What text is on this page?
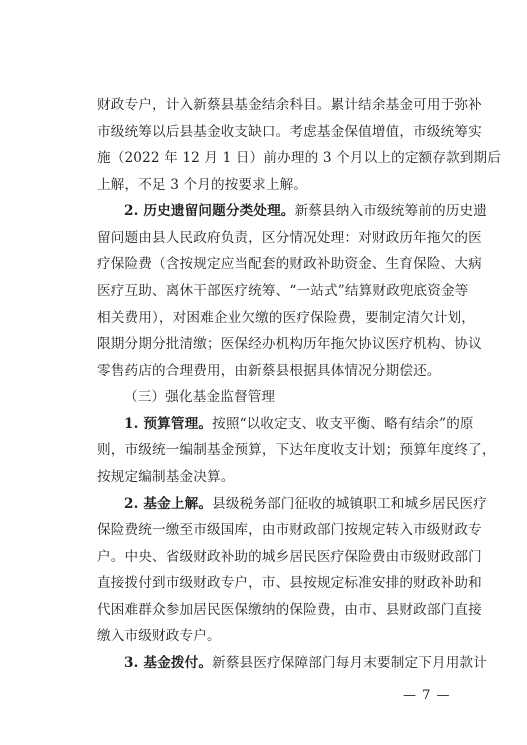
财政专户，计入新蔡县基金结余科目。累计结余基金可用于弥补
市级统筹以后县基金收支缺口。考虑基金保值增值，市级统筹实
施（2022 年 12 月 1 日）前办理的 3 个月以上的定额存款到期后
上解，不足 3 个月的按要求上解。
2. 历史遗留问题分类处理。新蔡县纳入市级统筹前的历史遗
留问题由县人民政府负责，区分情况处理：对财政历年拖欠的医
疗保险费（含按规定应当配套的财政补助资金、生育保险、大病
医疗互助、离休干部医疗统筹、“一站式”结算财政兜底资金等
相关费用），对困难企业欠缴的医疗保险费，要制定清欠计划，
限期分期分批清缴；医保经办机构历年拖欠协议医疗机构、协议
零售药店的合理费用，由新蔡县根据具体情况分期偿还。
（三）强化基金监督管理
1. 预算管理。按照“以收定支、收支平衡、略有结余”的原
则，市级统一编制基金预算，下达年度收支计划；预算年度终了，
按规定编制基金决算。
2. 基金上解。县级税务部门征收的城镇职工和城乡居民医疗
保险费统一缴至市级国库，由市财政部门按规定转入市级财政专
户。中央、省级财政补助的城乡居民医疗保险费由市级财政部门
直接拨付到市级财政专户，市、县按规定标准安排的财政补助和
代困难群众参加居民医保缴纳的保险费，由市、县财政部门直接
缴入市级财政专户。
3. 基金拨付。新蔡县医疗保障部门每月末要制定下月用款计
— 7 —
